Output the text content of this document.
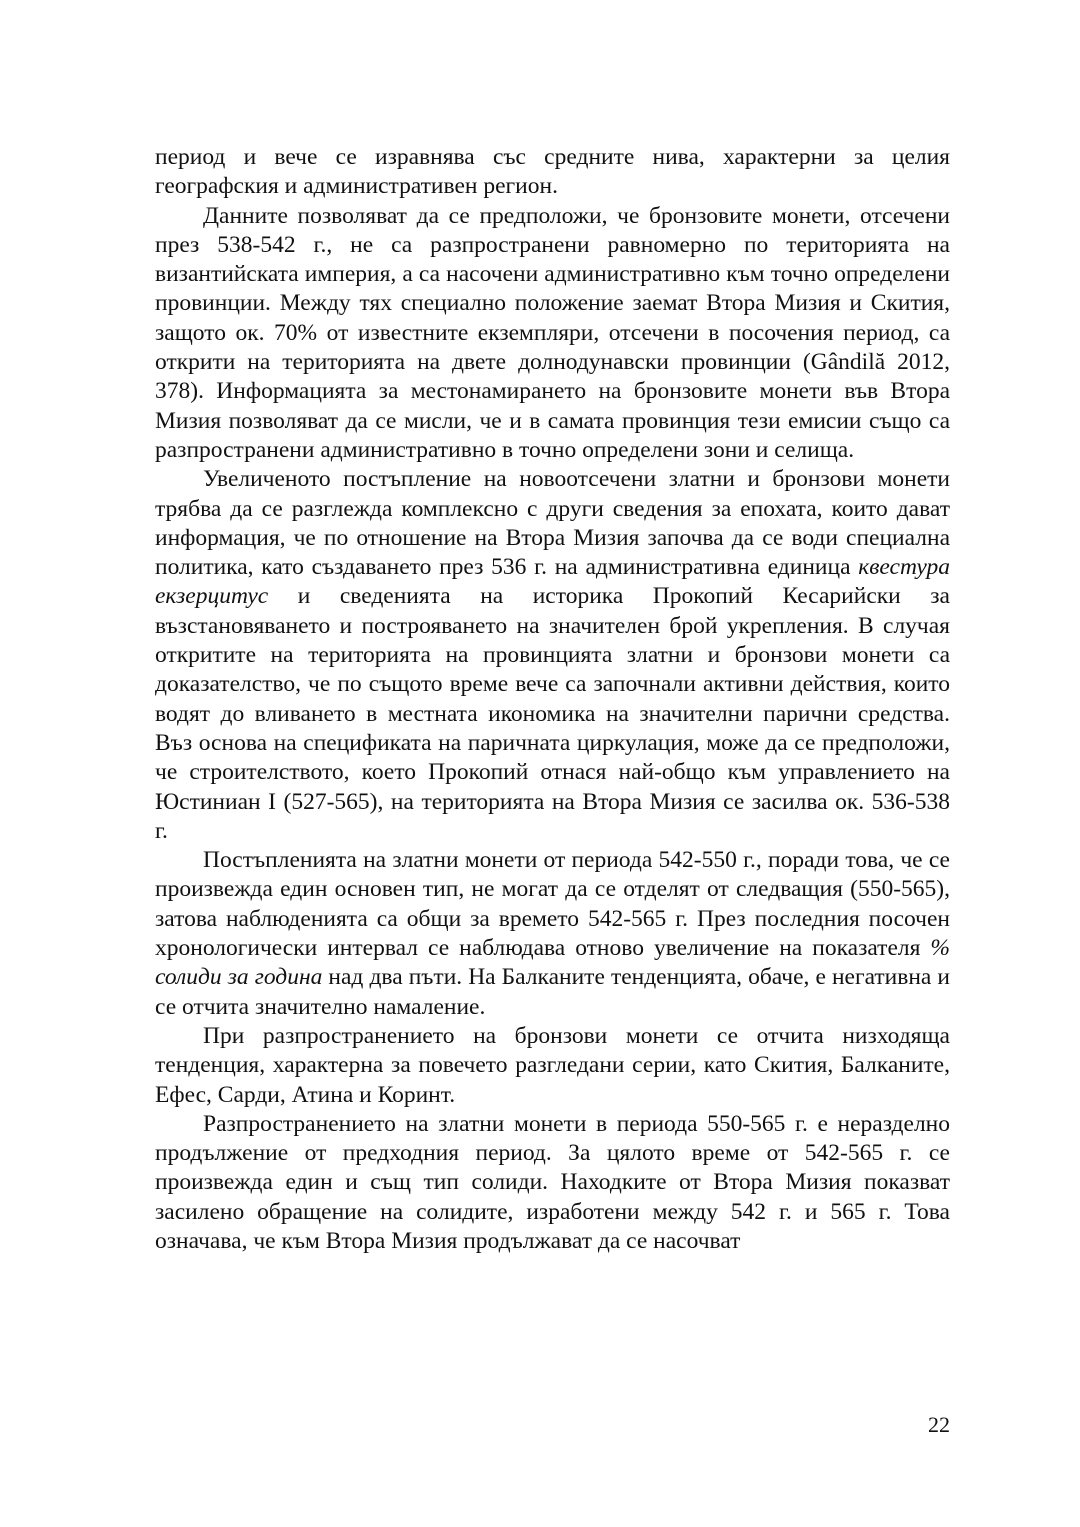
период и вече се изравнява със средните нива, характерни за целия географския и административен регион.

Данните позволяват да се предположи, че бронзовите монети, отсечени през 538-542 г., не са разпространени равномерно по територията на византийската империя, а са насочени административно към точно определени провинции. Между тях специално положение заемат Втора Мизия и Скития, защото ок. 70% от известните екземпляри, отсечени в посочения период, са открити на територията на двете долнодунавски провинции (Gândilă 2012, 378). Информацията за местонамирането на бронзовите монети във Втора Мизия позволяват да се мисли, че и в самата провинция тези емисии също са разпространени административно в точно определени зони и селища.

Увеличеното постъпление на новоотсечени златни и бронзови монети трябва да се разглежда комплексно с други сведения за епохата, които дават информация, че по отношение на Втора Мизия започва да се води специална политика, като създаването през 536 г. на административна единица квестура екзерцитус и сведенията на историка Прокопий Кесарийски за възстановяването и построяването на значителен брой укрепления. В случая откритите на територията на провинцията златни и бронзови монети са доказателство, че по същото време вече са започнали активни действия, които водят до вливането в местната икономика на значителни парични средства. Въз основа на спецификата на паричната циркулация, може да се предположи, че строителството, което Прокопий отнася най-общо към управлението на Юстиниан I (527-565), на територията на Втора Мизия се засилва ок. 536-538 г.

Постъпленията на златни монети от периода 542-550 г., поради това, че се произвежда един основен тип, не могат да се отделят от следващия (550-565), затова наблюденията са общи за времето 542-565 г. През последния посочен хронологически интервал се наблюдава отново увеличение на показателя % солиди за година над два пъти. На Балканите тенденцията, обаче, е негативна и се отчита значително намаление.

При разпространението на бронзови монети се отчита низходяща тенденция, характерна за повечето разгледани серии, като Скития, Балканите, Ефес, Сарди, Атина и Коринт.

Разпространението на златни монети в периода 550-565 г. е неразделно продължение от предходния период. За цялото време от 542-565 г. се произвежда един и същ тип солиди. Находките от Втора Мизия показват засилено обращение на солидите, изработени между 542 г. и 565 г. Това означава, че към Втора Мизия продължават да се насочват

22
